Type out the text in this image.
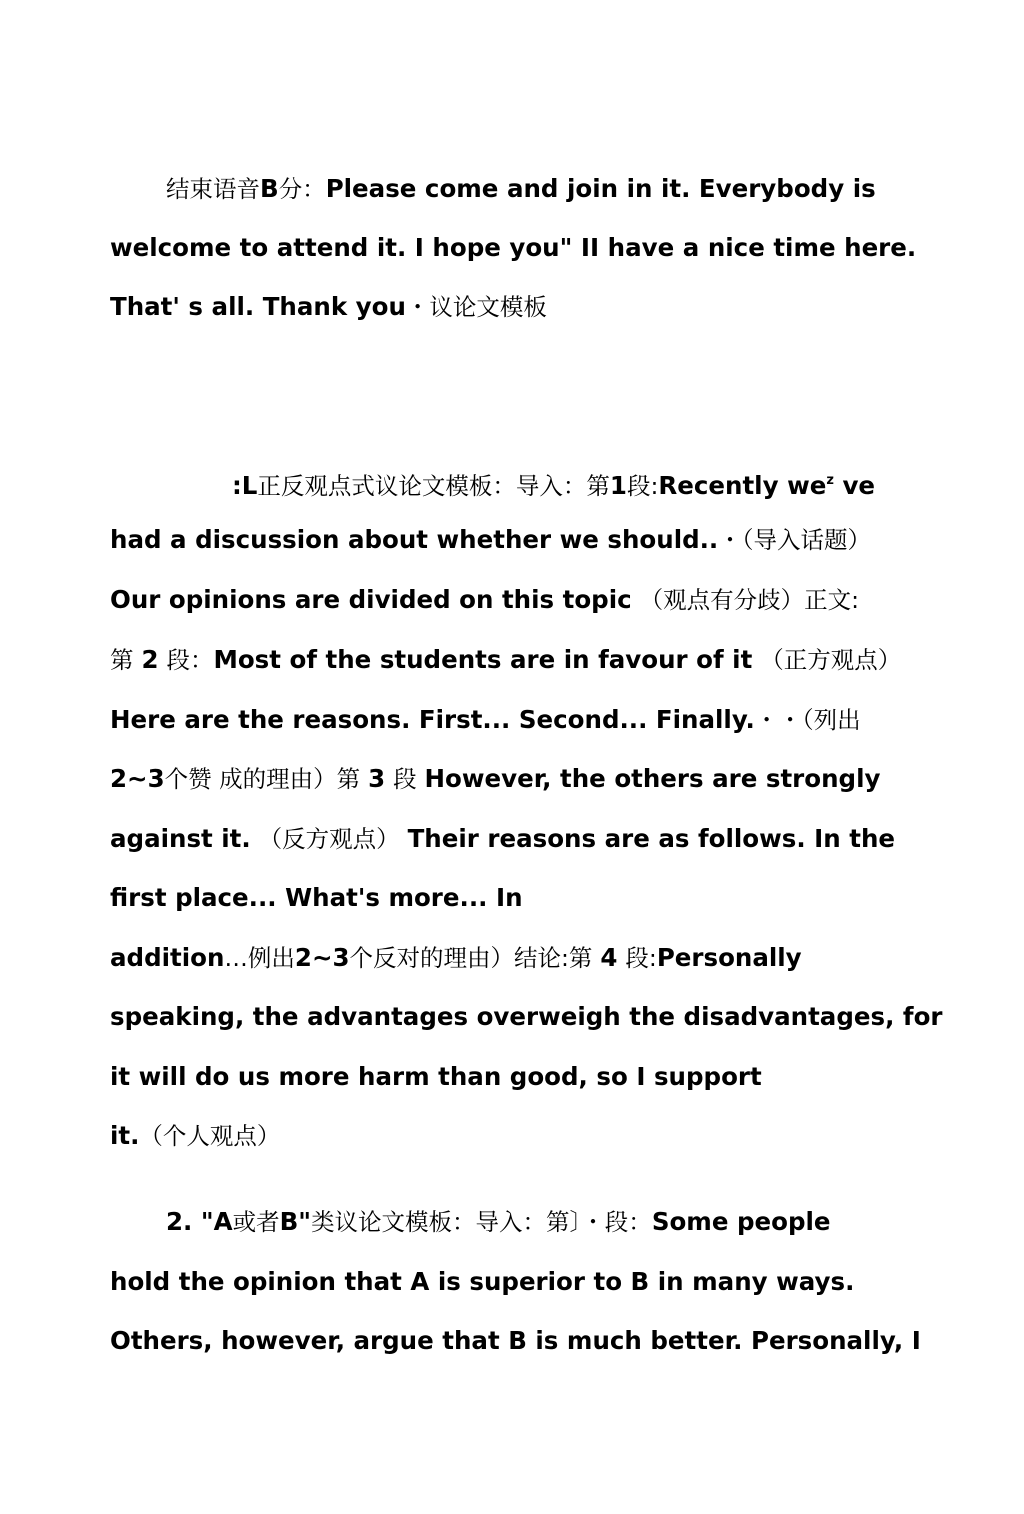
结束语音B分：Please come and join in it. Everybody is
welcome to attend it. I hope you" II have a nice time here.
That' s all. Thank you・议论文模板
:L正反观点式议论文模板：导入：第1段:Recently $we^z$ ve
had a discussion about whether we should..・（导入话题）
Our opinions are divided on this topic （观点有分歧）正文:
第 2 段：Most of the students are in favour of it （正方观点）
Here are the reasons. First... Second... Finally.・・（列出
2~3个赞 成的理由）第 3 段 However, the others are strongly
against it. （反方观点） Their reasons are as follows. In the
first place... What's more... In
addition…例出2~3个反对的理由）结论:第 4 段:Personally
speaking, the advantages overweigh the disadvantages, for
it will do us more harm than good, so I support
it.（个人观点）
2. "A或者B"类议论文模板：导入：第〕・段：Some people
hold the opinion that A is superior to B in many ways.
Others, however, argue that B is much better. Personally, I
